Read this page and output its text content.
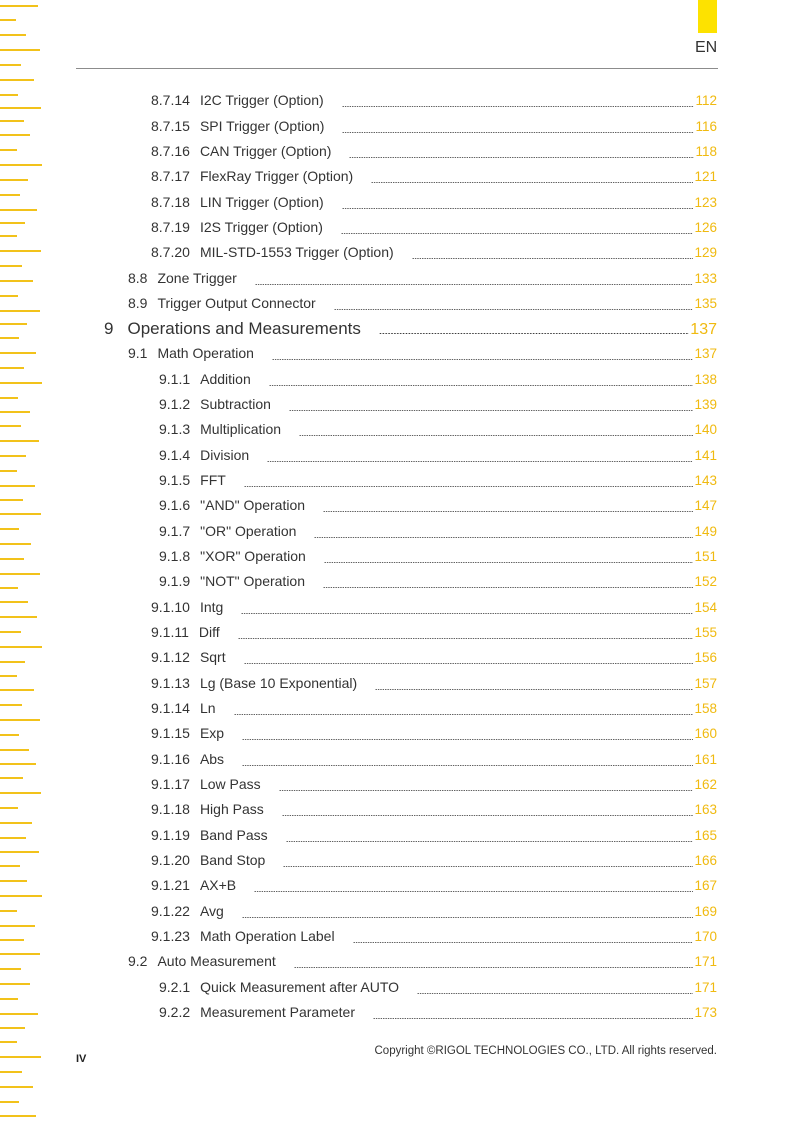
EN
8.7.14 I2C Trigger (Option)	112
8.7.15 SPI Trigger (Option)	116
8.7.16 CAN Trigger (Option)	118
8.7.17 FlexRay Trigger (Option)	121
8.7.18 LIN Trigger (Option)	123
8.7.19 I2S Trigger (Option)	126
8.7.20 MIL-STD-1553 Trigger (Option)	129
8.8 Zone Trigger	133
8.9 Trigger Output Connector	135
9 Operations and Measurements	137
9.1 Math Operation	137
9.1.1 Addition	138
9.1.2 Subtraction	139
9.1.3 Multiplication	140
9.1.4 Division	141
9.1.5 FFT	143
9.1.6 "AND" Operation	147
9.1.7 "OR" Operation	149
9.1.8 "XOR" Operation	151
9.1.9 "NOT" Operation	152
9.1.10 Intg	154
9.1.11 Diff	155
9.1.12 Sqrt	156
9.1.13 Lg (Base 10 Exponential)	157
9.1.14 Ln	158
9.1.15 Exp	160
9.1.16 Abs	161
9.1.17 Low Pass	162
9.1.18 High Pass	163
9.1.19 Band Pass	165
9.1.20 Band Stop	166
9.1.21 AX+B	167
9.1.22 Avg	169
9.1.23 Math Operation Label	170
9.2 Auto Measurement	171
9.2.1 Quick Measurement after AUTO	171
9.2.2 Measurement Parameter	173
IV
Copyright ©RIGOL TECHNOLOGIES CO., LTD. All rights reserved.
